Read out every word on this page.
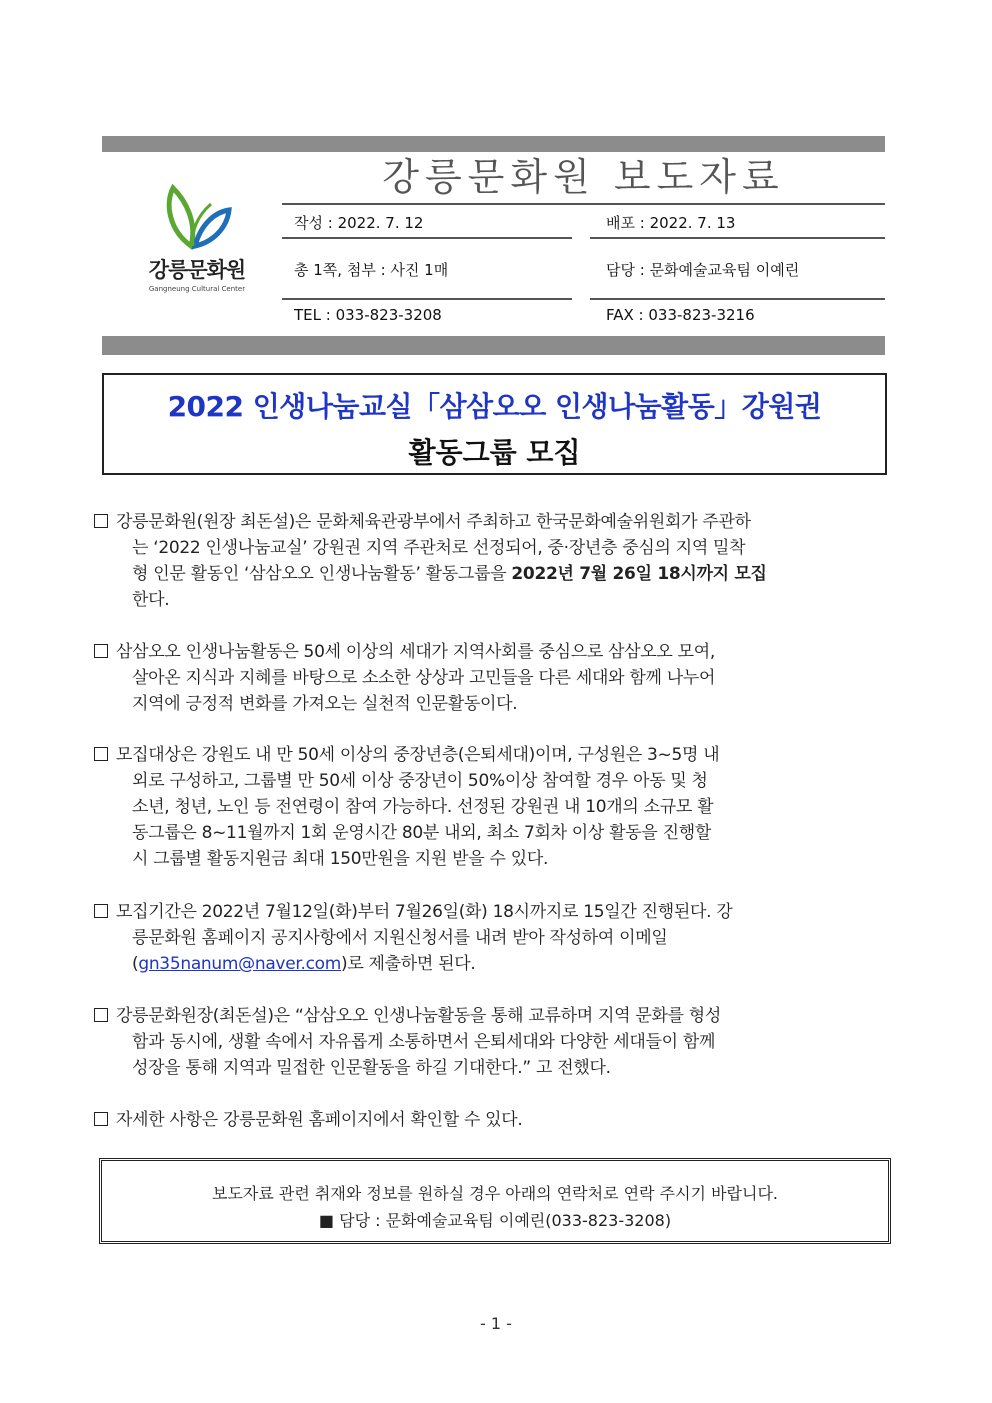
강릉문화원
Gangneung Cultural Center
강릉문화원 보도자료
작성 : 2022. 7. 12	배포 : 2022. 7. 13
총 1쪽, 첨부 : 사진 1매	담당 : 문화예술교육팀 이예린
TEL : 033-823-3208	FAX : 033-823-3216
2022 인생나눔교실「삼삼오오 인생나눔활동」강원권
활동그룹 모집
강릉문화원(원장 최돈설)은 문화체육관광부에서 주최하고 한국문화예술위원회가 주관하
는 ‘2022 인생나눔교실’ 강원권 지역 주관처로 선정되어, 중·장년층 중심의 지역 밀착
형 인문 활동인 ‘삼삼오오 인생나눔활동’ 활동그룹을 2022년 7월 26일 18시까지 모집
한다.
삼삼오오 인생나눔활동은 50세 이상의 세대가 지역사회를 중심으로 삼삼오오 모여,
살아온 지식과 지혜를 바탕으로 소소한 상상과 고민들을 다른 세대와 함께 나누어
지역에 긍정적 변화를 가져오는 실천적 인문활동이다.
모집대상은 강원도 내 만 50세 이상의 중장년층(은퇴세대)이며, 구성원은 3~5명 내
외로 구성하고, 그룹별 만 50세 이상 중장년이 50%이상 참여할 경우 아동 및 청
소년, 청년, 노인 등 전연령이 참여 가능하다. 선정된 강원권 내 10개의 소규모 활
동그룹은 8~11월까지 1회 운영시간 80분 내외, 최소 7회차 이상 활동을 진행할
시 그룹별 활동지원금 최대 150만원을 지원 받을 수 있다.
모집기간은 2022년 7월12일(화)부터 7월26일(화) 18시까지로 15일간 진행된다. 강
릉문화원 홈페이지 공지사항에서 지원신청서를 내려 받아 작성하여 이메일
(gn35nanum@naver.com)로 제출하면 된다.
강릉문화원장(최돈설)은 “삼삼오오 인생나눔활동을 통해 교류하며 지역 문화를 형성
함과 동시에, 생활 속에서 자유롭게 소통하면서 은퇴세대와 다양한 세대들이 함께
성장을 통해 지역과 밀접한 인문활동을 하길 기대한다.” 고 전했다.
자세한 사항은 강릉문화원 홈페이지에서 확인할 수 있다.
보도자료 관련 취재와 정보를 원하실 경우 아래의 연락처로 연락 주시기 바랍니다.
■ 담당 : 문화예술교육팀 이예린(033-823-3208)
- 1 -
